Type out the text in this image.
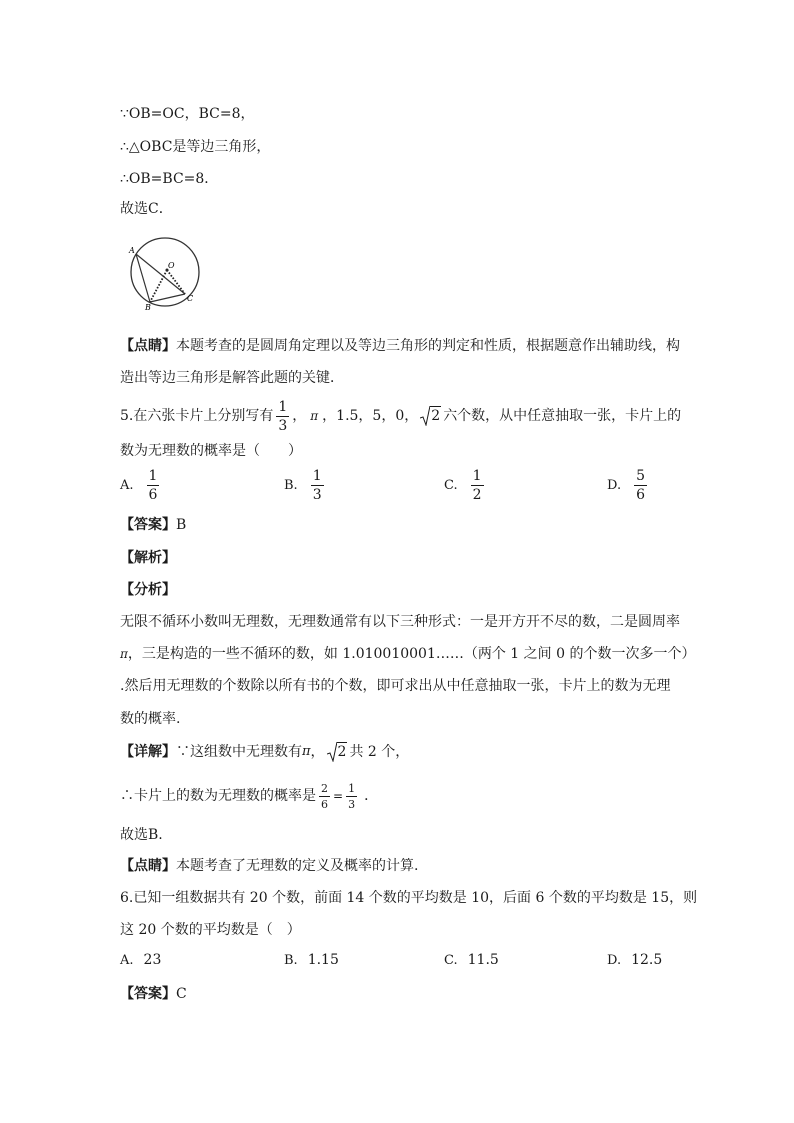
∵OB=OC，BC=8，
∴△OBC是等边三角形，
∴OB=BC=8．
故选C．
A
O
B
C
【点睛】本题考查的是圆周角定理以及等边三角形的判定和性质，根据题意作出辅助线，构
造出等边三角形是解答此题的关键．
5.在六张卡片上分别写有 $\frac{1}{3}$ ， π ，1.5，5，0， 2 六个数，从中任意抽取一张，卡片上的
数为无理数的概率是（　　）
A. $\frac{1}{6}$	B. $\frac{1}{3}$	C. $\frac{1}{2}$	D. $\frac{5}{6}$
【答案】B
【解析】
【分析】
无限不循环小数叫无理数，无理数通常有以下三种形式：一是开方开不尽的数，二是圆周率
π，三是构造的一些不循环的数，如 1.010010001……（两个 1 之间 0 的个数一次多一个）
.然后用无理数的个数除以所有书的个数，即可求出从中任意抽取一张，卡片上的数为无理
数的概率.
【详解】 ∵这组数中无理数有 π ， 2 共 2 个，
∴卡片上的数为无理数的概率是 $\frac{2}{6} = \frac{1}{3}$ ．
故选B.
【点睛】本题考查了无理数的定义及概率的计算.
6.已知一组数据共有 20 个数，前面 14 个数的平均数是 10，后面 6 个数的平均数是 15，则
这 20 个数的平均数是（　）
A. 23	B. 1.15	C. 11.5	D. 12.5
【答案】C
